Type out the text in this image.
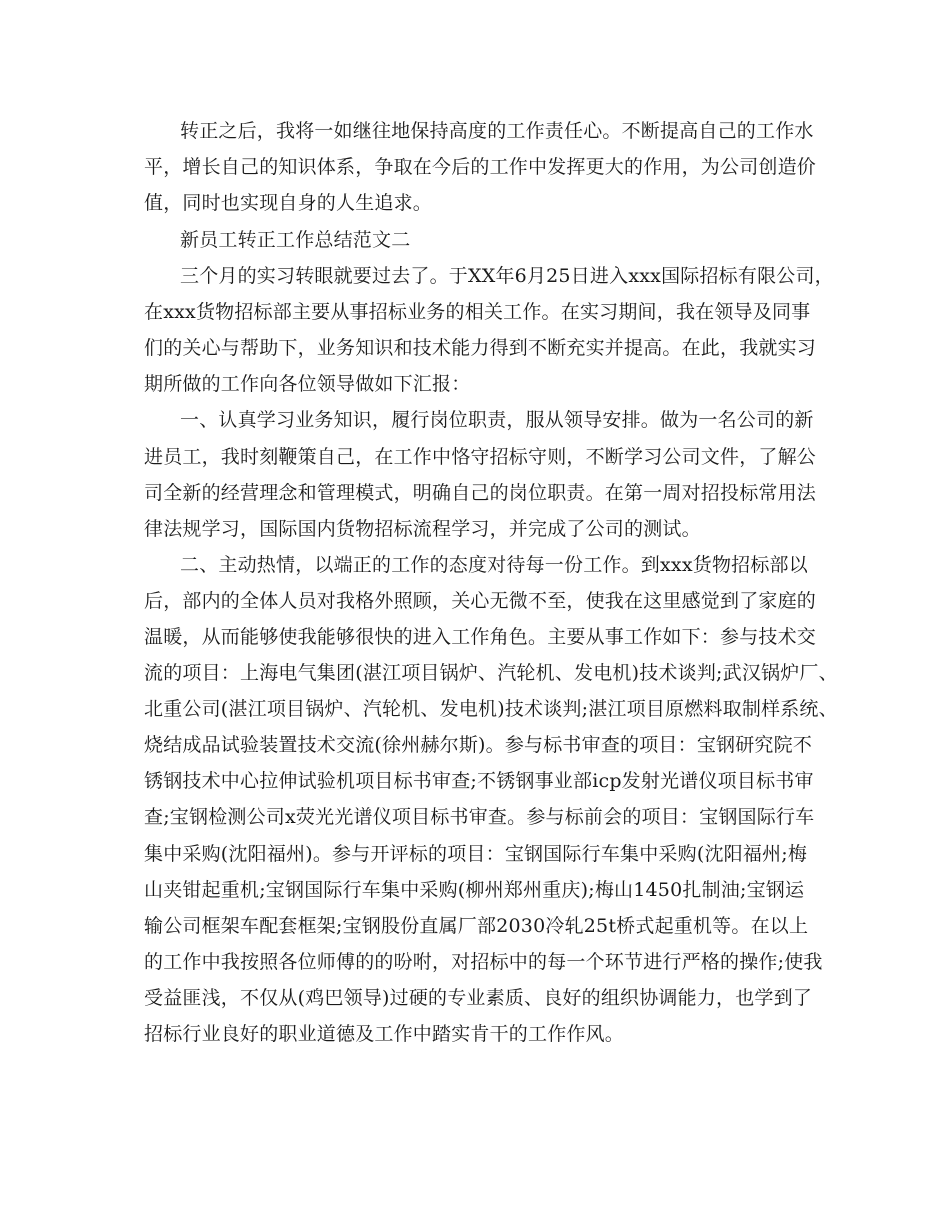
转正之后，我将一如继往地保持高度的工作责任心。不断提高自己的工作水
平，增长自己的知识体系，争取在今后的工作中发挥更大的作用，为公司创造价
值，同时也实现自身的人生追求。
新员工转正工作总结范文二
三个月的实习转眼就要过去了。于XX年6月25日进入xxx国际招标有限公司，
在xxx货物招标部主要从事招标业务的相关工作。在实习期间，我在领导及同事
们的关心与帮助下，业务知识和技术能力得到不断充实并提高。在此，我就实习
期所做的工作向各位领导做如下汇报：
一、认真学习业务知识，履行岗位职责，服从领导安排。做为一名公司的新
进员工，我时刻鞭策自己，在工作中恪守招标守则，不断学习公司文件，了解公
司全新的经营理念和管理模式，明确自己的岗位职责。在第一周对招投标常用法
律法规学习，国际国内货物招标流程学习，并完成了公司的测试。
二、主动热情，以端正的工作的态度对待每一份工作。到xxx货物招标部以
后，部内的全体人员对我格外照顾，关心无微不至，使我在这里感觉到了家庭的
温暖，从而能够使我能够很快的进入工作角色。主要从事工作如下：参与技术交
流的项目：上海电气集团(湛江项目锅炉、汽轮机、发电机)技术谈判;武汉锅炉厂、
北重公司(湛江项目锅炉、汽轮机、发电机)技术谈判;湛江项目原燃料取制样系统、
烧结成品试验装置技术交流(徐州赫尔斯)。参与标书审查的项目：宝钢研究院不
锈钢技术中心拉伸试验机项目标书审查;不锈钢事业部icp发射光谱仪项目标书审
查;宝钢检测公司x荧光光谱仪项目标书审查。参与标前会的项目：宝钢国际行车
集中采购(沈阳福州)。参与开评标的项目：宝钢国际行车集中采购(沈阳福州;梅
山夹钳起重机;宝钢国际行车集中采购(柳州郑州重庆);梅山1450扎制油;宝钢运
输公司框架车配套框架;宝钢股份直属厂部2030冷轧25t桥式起重机等。在以上
的工作中我按照各位师傅的的吩咐，对招标中的每一个环节进行严格的操作;使我
受益匪浅，不仅从(鸡巴领导)过硬的专业素质、良好的组织协调能力，也学到了
招标行业良好的职业道德及工作中踏实肯干的工作作风。
